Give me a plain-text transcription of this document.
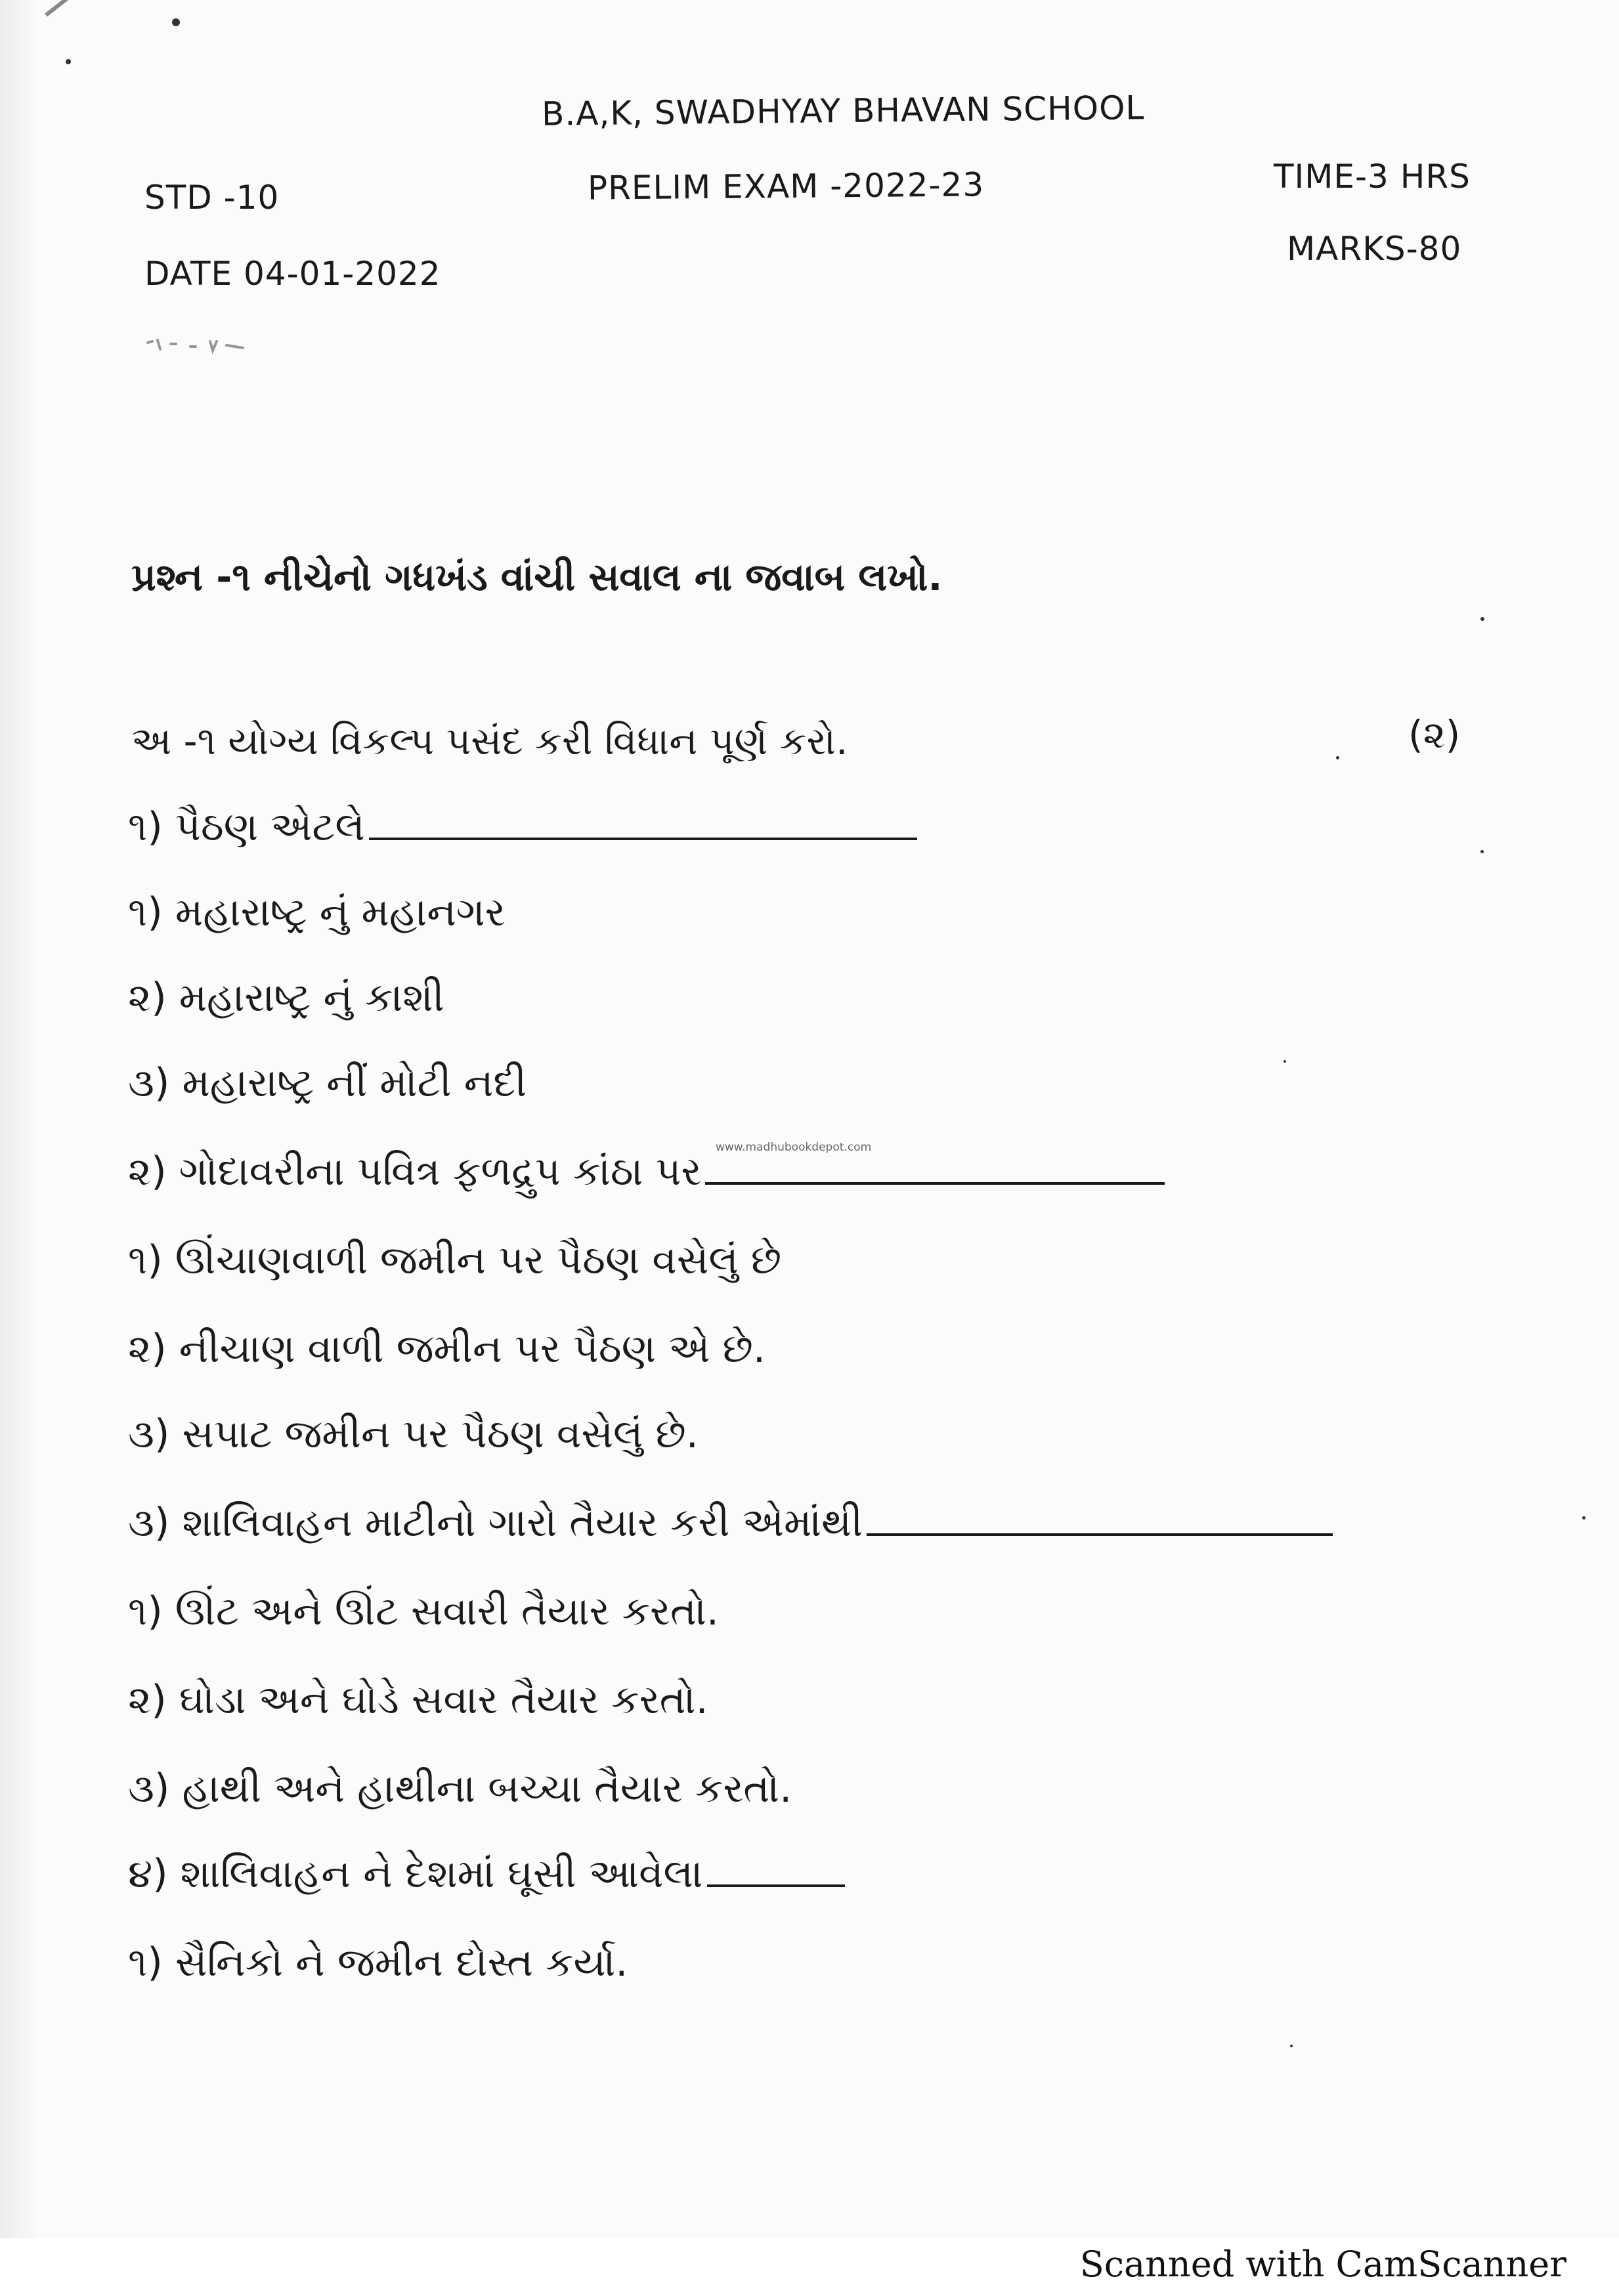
B.A,K, SWADHYAY BHAVAN SCHOOL
STD -10	PRELIM EXAM -2022-23	TIME-3 HRS
DATE 04-01-2022
MARKS-80
પ્રશ્ન -૧ નીચેનો ગધખંડ વાંચી સવાલ ના જવાબ લખો.
અ -૧ યોગ્ય વિકલ્પ પસંદ કરી વિધાન પૂર્ણ કરો.	(૨)
૧) પૈઠણ એટલે
૧) મહારાષ્ટ્ર નું મહાનગર
૨) મહારાષ્ટ્ર નું કાશી
૩) મહારાષ્ટ્ર નીં મોટી નદી
૨) ગોદાવરીના પવિત્ર ફળદ્રુપ કાંઠા પર
૧) ઊંચાણવાળી જમીન પર પૈઠણ વસેલું છે
૨) નીચાણ વાળી જમીન પર પૈઠણ એ છે.
૩) સપાટ જમીન પર પૈઠણ વસેલું છે.
૩) શાલિવાહન માટીનો ગારો તૈયાર કરી એમાંથી
૧) ઊંટ અને ઊંટ સવારી તૈયાર કરતો.
૨) ઘોડા અને ઘોડે સવાર તૈયાર કરતો.
૩) હાથી અને હાથીના બચ્ચા તૈયાર કરતો.
૪) શાલિવાહન ને દેશમાં ઘૂસી આવેલા
૧) સૈનિકો ને જમીન દોસ્ત કર્યા.
www.madhubookdepot.com
Scanned with CamScanner
